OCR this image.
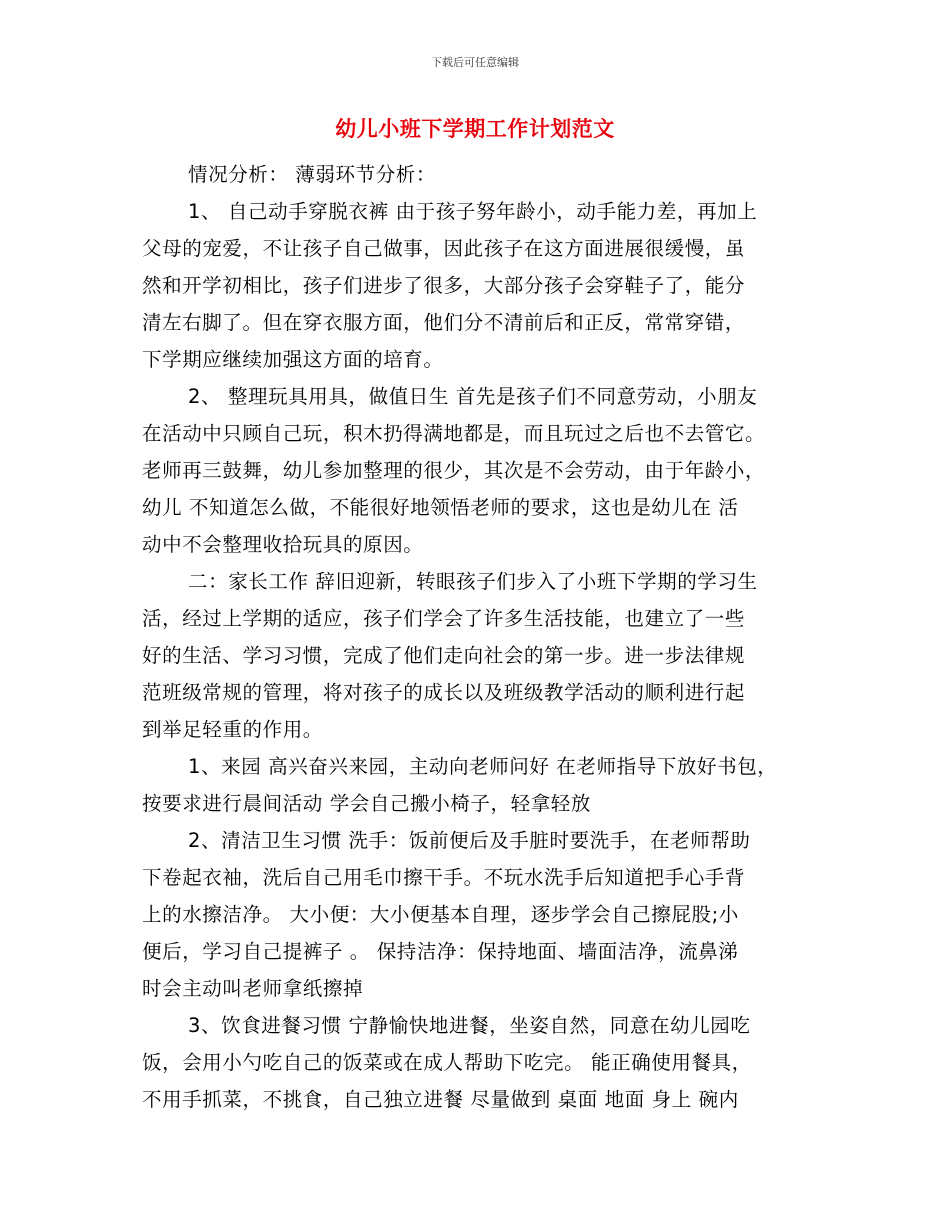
下载后可任意编辑
幼儿小班下学期工作计划范文
情况分析： 薄弱环节分析：
1、 自己动手穿脱衣裤 由于孩子努年龄小，动手能力差，再加上
父母的宠爱，不让孩子自己做事，因此孩子在这方面进展很缓慢，虽
然和开学初相比，孩子们进步了很多，大部分孩子会穿鞋子了，能分
清左右脚了。但在穿衣服方面，他们分不清前后和正反，常常穿错，
下学期应继续加强这方面的培育。
2、 整理玩具用具，做值日生 首先是孩子们不同意劳动，小朋友
在活动中只顾自己玩，积木扔得满地都是，而且玩过之后也不去管它。
老师再三鼓舞，幼儿参加整理的很少，其次是不会劳动，由于年龄小，
幼儿 不知道怎么做，不能很好地领悟老师的要求，这也是幼儿在 活
动中不会整理收拾玩具的原因。
二：家长工作 辞旧迎新，转眼孩子们步入了小班下学期的学习生
活，经过上学期的适应，孩子们学会了许多生活技能，也建立了一些
好的生活、学习习惯，完成了他们走向社会的第一步。进一步法律规
范班级常规的管理，将对孩子的成长以及班级教学活动的顺利进行起
到举足轻重的作用。
1、来园 高兴奋兴来园，主动向老师问好 在老师指导下放好书包，
按要求进行晨间活动 学会自己搬小椅子，轻拿轻放
2、清洁卫生习惯 洗手：饭前便后及手脏时要洗手，在老师帮助
下卷起衣袖，洗后自己用毛巾擦干手。不玩水洗手后知道把手心手背
上的水擦洁净。 大小便：大小便基本自理，逐步学会自己擦屁股;小
便后，学习自己提裤子 。 保持洁净：保持地面、墙面洁净，流鼻涕
时会主动叫老师拿纸擦掉
3、饮食进餐习惯 宁静愉快地进餐，坐姿自然，同意在幼儿园吃
饭，会用小勺吃自己的饭菜或在成人帮助下吃完。 能正确使用餐具，
不用手抓菜，不挑食，自己独立进餐 尽量做到 桌面 地面 身上 碗内
